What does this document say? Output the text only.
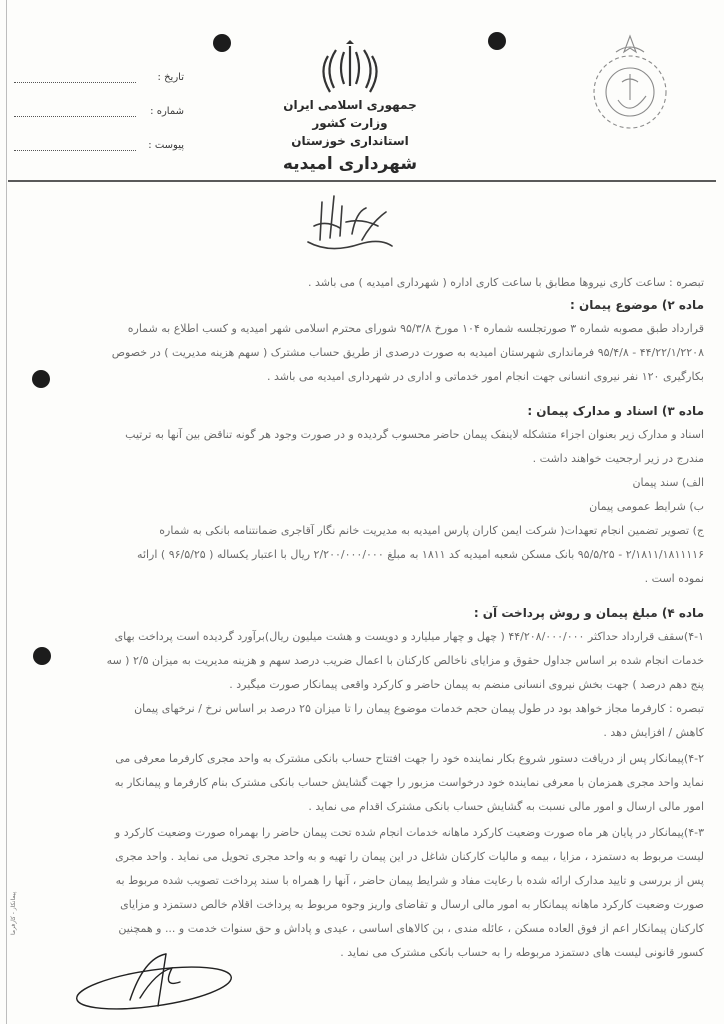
تاريخ :
شماره :
پيوست :
جمهوری اسلامی ایران
وزارت کشور
استانداری خوزستان
شهرداری امیدیه
تبصره : ساعت کاری نیروها مطابق با ساعت کاری اداره ( شهرداری امیدیه ) می باشد .
ماده ۲) موضوع پیمان :
قرارداد طبق مصوبه شماره ۳ صورتجلسه شماره ۱۰۴ مورخ ۹۵/۳/۸ شورای محترم اسلامی شهر امیدیه و کسب اطلاع به شماره
۴۴/۲۲/۱/۲۲۰۸ - ۹۵/۴/۸ فرمانداری شهرستان امیدیه به صورت درصدی از طریق حساب مشترک ( سهم هزینه مدیریت ) در خصوص
بکارگیری ۱۲۰ نفر نیروی انسانی جهت انجام امور خدماتی و اداری در شهرداری امیدیه می باشد .
ماده ۳) اسناد و مدارک پیمان :
اسناد و مدارک زیر بعنوان اجزاء متشکله لاینفک پیمان حاضر محسوب گردیده و در صورت وجود هر گونه تناقض بین آنها به ترتیب
مندرج در زیر ارجحیت خواهند داشت .
الف) سند پیمان
ب) شرایط عمومی پیمان
ج) تصویر تضمین انجام تعهدات( شرکت ایمن کاران پارس امیدیه به مدیریت خانم نگار آقاجری ضمانتنامه بانکی به شماره
۲/۱۸۱۱/۱۸۱۱۱۱۶ - ۹۵/۵/۲۵ بانک مسکن شعبه امیدیه کد ۱۸۱۱ به مبلغ ۲/۲۰۰/۰۰۰/۰۰۰ ریال با اعتبار یکساله ( ۹۶/۵/۲۵ ) ارائه
نموده است .
ماده ۴) مبلغ پیمان و روش پرداخت آن :
۴-۱)سقف قرارداد حداکثر ۴۴/۲۰۸/۰۰۰/۰۰۰ ( چهل و چهار میلیارد و دویست و هشت میلیون ریال)برآورد گردیده است پرداخت بهای
خدمات انجام شده بر اساس جداول حقوق و مزایای ناخالص کارکنان با اعمال ضریب درصد سهم و هزینه مدیریت به میزان ۲/۵ ( سه
پنج دهم درصد ) جهت بخش نیروی انسانی منضم به پیمان حاضر و کارکرد واقعی پیمانکار صورت میگیرد .
تبصره : کارفرما مجاز خواهد بود در طول پیمان حجم خدمات موضوع پیمان را تا میزان ۲۵ درصد بر اساس نرخ / نرخهای پیمان
کاهش / افزایش دهد .
۴-۲)پیمانکار پس از دریافت دستور شروع بکار نماینده خود را جهت افتتاح حساب بانکی مشترک به واحد مجری کارفرما معرفی می
نماید واحد مجری همزمان با معرفی نماینده خود درخواست مزبور را جهت گشایش حساب بانکی مشترک بنام کارفرما و پیمانکار به
امور مالی ارسال و امور مالی نسبت به گشایش حساب بانکی مشترک اقدام می نماید .
۴-۳)پیمانکار در پایان هر ماه صورت وضعیت کارکرد ماهانه خدمات انجام شده تحت پیمان حاضر را بهمراه صورت وضعیت کارکرد و
لیست مربوط به دستمزد ، مزایا ، بیمه و مالیات کارکنان شاغل در این پیمان را تهیه و به واحد مجری تحویل می نماید . واحد مجری
پس از بررسی و تایید مدارک ارائه شده با رعایت مفاد و شرایط پیمان حاضر ، آنها را همراه با سند پرداخت تصویب شده مربوط به
صورت وضعیت کارکرد ماهانه پیمانکار به امور مالی ارسال و تقاضای واریز وجوه مربوط به پرداخت اقلام خالص دستمزد و مزایای
کارکنان پیمانکار اعم از فوق العاده مسکن ، عائله مندی ، بن کالاهای اساسی ، عیدی و پاداش و حق سنوات خدمت و ... و همچنین
کسور قانونی لیست های دستمزد مربوطه را به حساب بانکی مشترک می نماید .
پیمانکار - کارفرما
